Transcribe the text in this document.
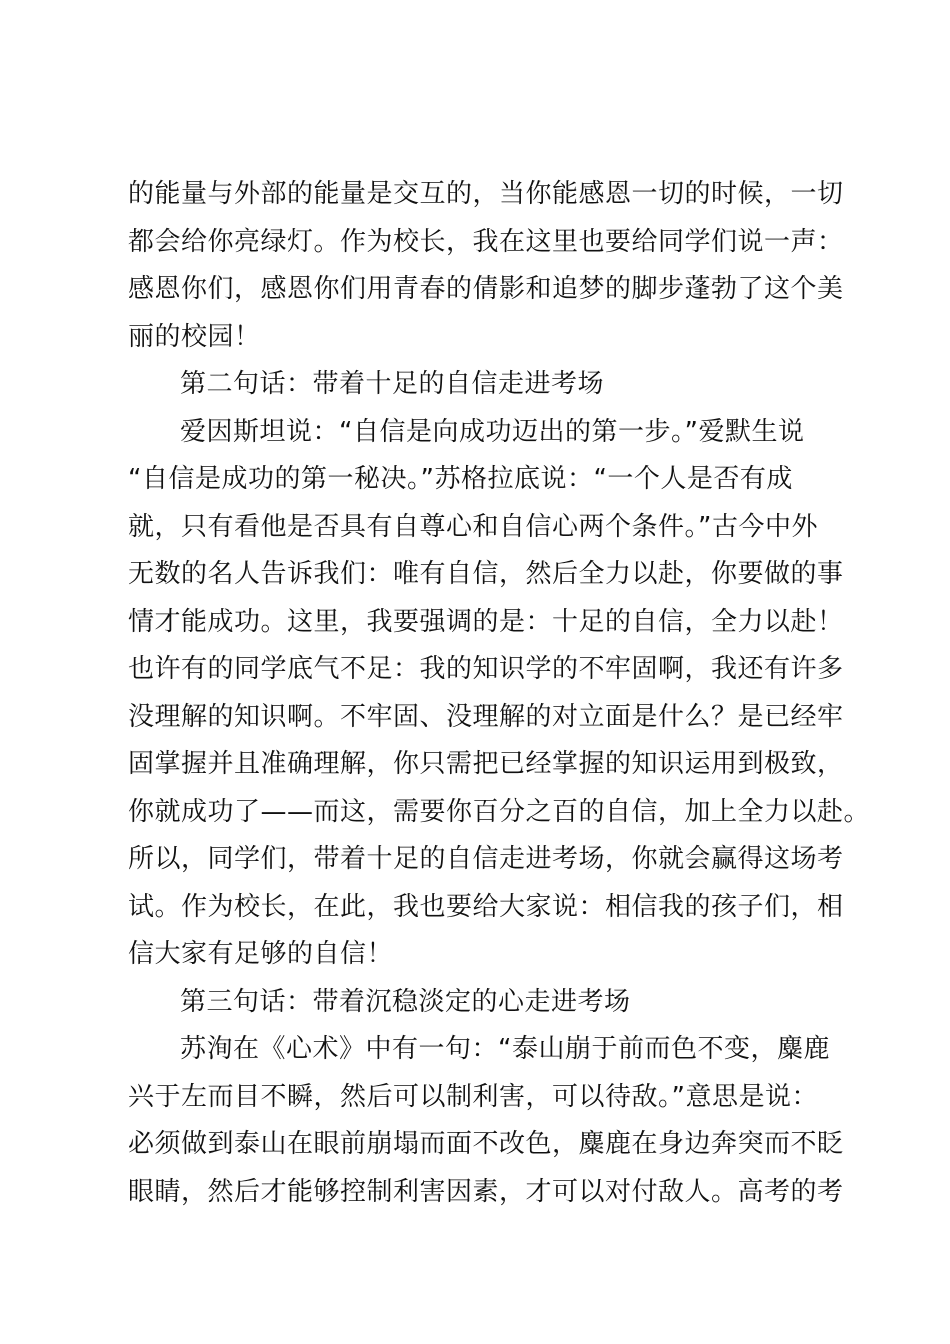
的能量与外部的能量是交互的，当你能感恩一切的时候，一切
都会给你亮绿灯。作为校长，我在这里也要给同学们说一声：
感恩你们，感恩你们用青春的倩影和追梦的脚步蓬勃了这个美
丽的校园！
第二句话：带着十足的自信走进考场
爱因斯坦说：“自信是向成功迈出的第一步。”爱默生说
“自信是成功的第一秘决。”苏格拉底说：“一个人是否有成
就，只有看他是否具有自尊心和自信心两个条件。”古今中外
无数的名人告诉我们：唯有自信，然后全力以赴，你要做的事
情才能成功。这里，我要强调的是：十足的自信，全力以赴！
也许有的同学底气不足：我的知识学的不牢固啊，我还有许多
没理解的知识啊。不牢固、没理解的对立面是什么？是已经牢
固掌握并且准确理解，你只需把已经掌握的知识运用到极致，
你就成功了——而这，需要你百分之百的自信，加上全力以赴。
所以，同学们，带着十足的自信走进考场，你就会赢得这场考
试。作为校长，在此，我也要给大家说：相信我的孩子们，相
信大家有足够的自信！
第三句话：带着沉稳淡定的心走进考场
苏洵在《心术》中有一句：“泰山崩于前而色不变，麋鹿
兴于左而目不瞬，然后可以制利害，可以待敌。”意思是说：
必须做到泰山在眼前崩塌而面不改色，麋鹿在身边奔突而不眨
眼睛，然后才能够控制利害因素，才可以对付敌人。高考的考
